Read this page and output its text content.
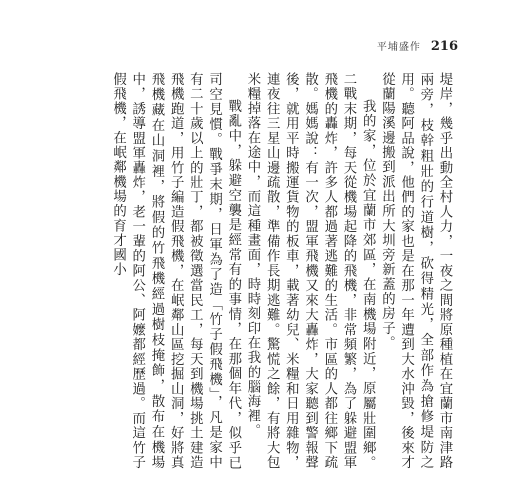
平埔盛作 216

堤岸，幾乎出動全村人力，一夜之間將原種植在宜蘭市南津路兩旁，枝幹粗壯的行道樹，砍得精光，全部作為搶修堤防之用。聽阿品說，他們的家也是在那一年遭到大水沖毀，後來才從蘭陽溪邊搬到派出所大圳旁新蓋的房子。

我的家，位於宜蘭市郊區，在南機場附近，原屬壯圍鄉。二戰末期，每天從機場起降的飛機，非常頻繁，為了躲避盟軍飛機的轟炸，許多人都過著逃難的生活。市區的人都往鄉下疏散。媽媽說：有一次，盟軍飛機又來大轟炸，大家聽到警報聲後，就用平時搬運貨物的板車，載著幼兒、米糧和日用雜物，連夜往三星山邊疏散，準備作長期逃難。驚慌之餘，有將大包米糧掉落在途中，而這種畫面，時時刻印在我的腦海裡。

戰亂中，躲避空襲是經常有的事情，在那個年代，似乎已司空見慣。戰爭末期，日軍為了造「竹子假飛機」，凡是家中有二十歲以上的壯丁，都被徵選當民工，每天到機場挑土建造飛機跑道，用竹子編造假飛機，在岷鄰山區挖掘山洞，好將真飛機藏在山洞裡，將假的竹飛機經過樹枝掩飾，散布在機場中，誘導盟軍轟炸，老一輩的阿公、阿嬤都經歷過。而這竹子假飛機，在岷鄰機場的育才國小
